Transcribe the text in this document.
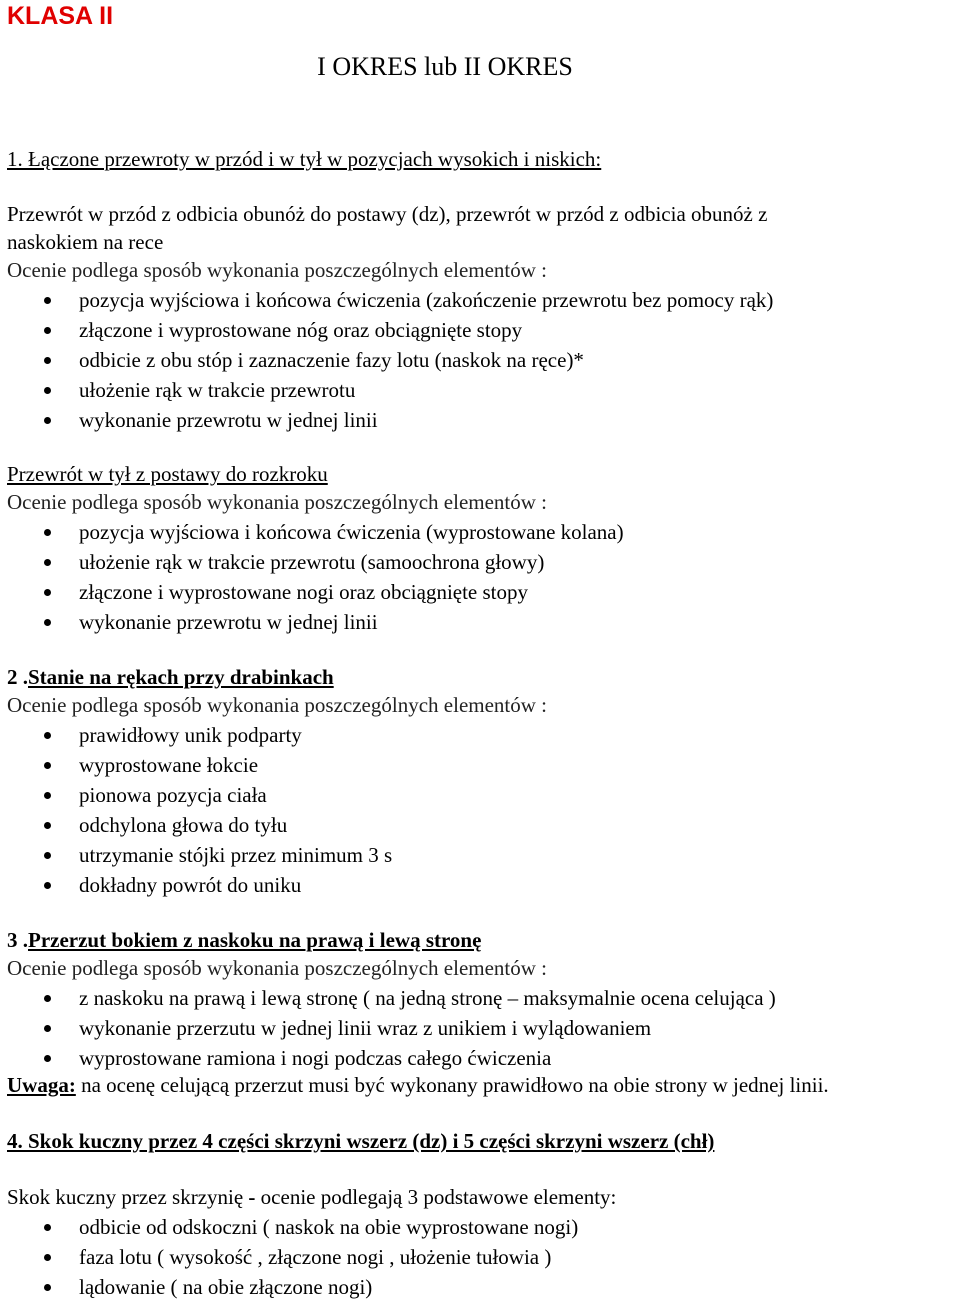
KLASA II
I OKRES lub II OKRES
1. Łączone przewroty w przód i w tył w pozycjach wysokich i niskich:
Przewrót w przód z odbicia obunóż do postawy (dz), przewrót w przód z odbicia obunóż z
naskokiem na rece
Ocenie podlega sposób wykonania poszczególnych elementów :
pozycja wyjściowa i końcowa ćwiczenia (zakończenie przewrotu bez pomocy rąk)
złączone i wyprostowane nóg oraz obciągnięte stopy
odbicie z obu stóp i zaznaczenie fazy lotu (naskok na ręce)*
ułożenie rąk w trakcie przewrotu
wykonanie przewrotu w jednej linii
Przewrót w tył z postawy do rozkroku
Ocenie podlega sposób wykonania poszczególnych elementów :
pozycja wyjściowa i końcowa ćwiczenia (wyprostowane kolana)
ułożenie rąk w trakcie przewrotu (samoochrona głowy)
złączone i wyprostowane nogi oraz obciągnięte stopy
wykonanie przewrotu w jednej linii
2 .Stanie na rękach przy drabinkach
Ocenie podlega sposób wykonania poszczególnych elementów :
prawidłowy unik podparty
wyprostowane łokcie
pionowa pozycja ciała
odchylona głowa do tyłu
utrzymanie stójki przez minimum 3 s
dokładny powrót do uniku
3 .Przerzut bokiem z naskoku na prawą i lewą stronę
Ocenie podlega sposób wykonania poszczególnych elementów :
z naskoku na prawą i lewą stronę ( na jedną stronę – maksymalnie ocena celująca )
wykonanie przerzutu w jednej linii wraz z unikiem i wylądowaniem
wyprostowane ramiona i nogi podczas całego ćwiczenia
Uwaga: na ocenę celującą przerzut musi być wykonany prawidłowo na obie strony w jednej linii.
4. Skok kuczny przez 4 części skrzyni wszerz (dz) i 5 części skrzyni wszerz (chł)
Skok kuczny przez skrzynię - ocenie podlegają 3 podstawowe elementy:
odbicie od odskoczni ( naskok na obie wyprostowane nogi)
faza lotu ( wysokość , złączone nogi , ułożenie tułowia )
lądowanie ( na obie złączone nogi)
